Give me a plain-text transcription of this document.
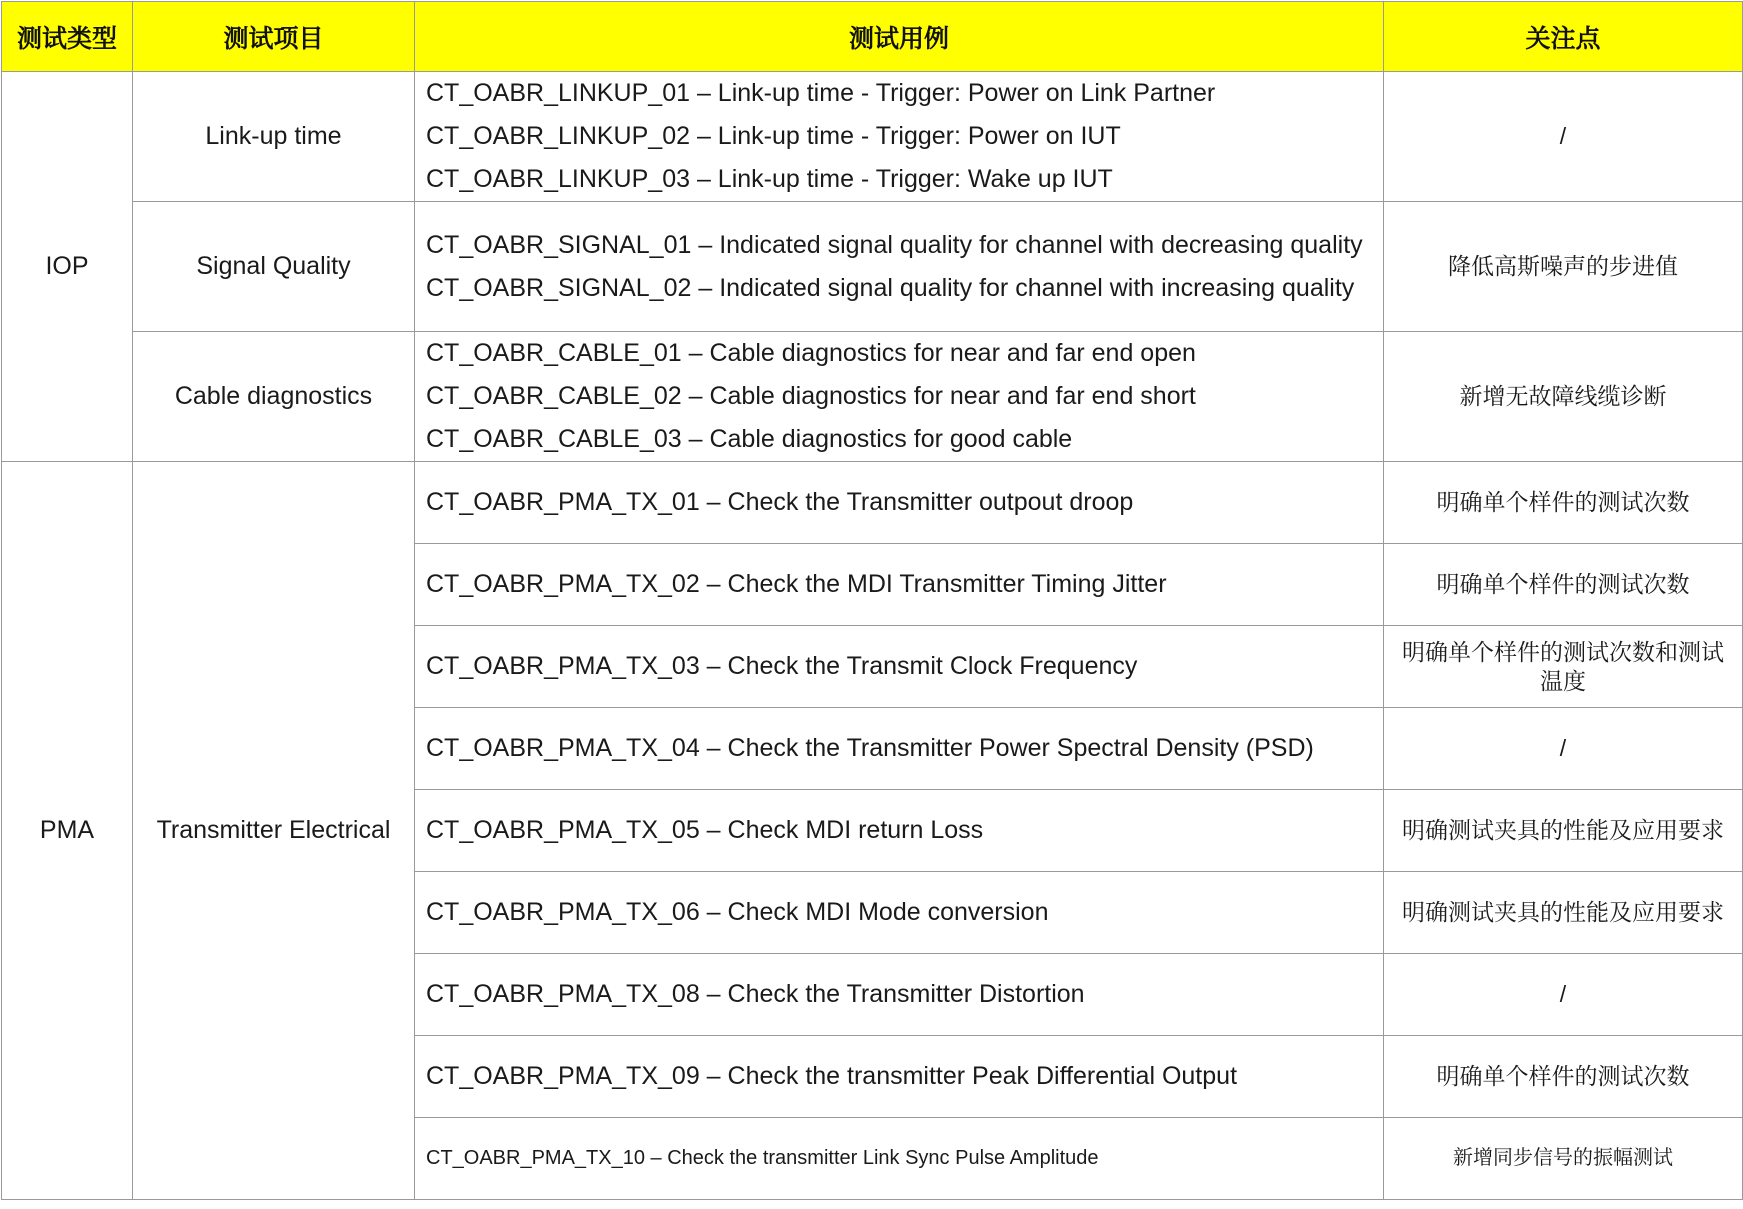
测试类型	测试项目	测试用例	关注点
IOP	Link-up time	CT_OABR_LINKUP_01 – Link-up time - Trigger: Power on Link Partner
CT_OABR_LINKUP_02 – Link-up time - Trigger: Power on IUT
CT_OABR_LINKUP_03 – Link-up time - Trigger: Wake up IUT	/
	Signal Quality	CT_OABR_SIGNAL_01 – Indicated signal quality for channel with decreasing quality
CT_OABR_SIGNAL_02 – Indicated signal quality for channel with increasing quality	降低高斯噪声的步进值
	Cable diagnostics	CT_OABR_CABLE_01 – Cable diagnostics for near and far end open
CT_OABR_CABLE_02 – Cable diagnostics for near and far end short
CT_OABR_CABLE_03 – Cable diagnostics for good cable	新增无故障线缆诊断
PMA	Transmitter Electrical	CT_OABR_PMA_TX_01 – Check the Transmitter outpout droop	明确单个样件的测试次数
		CT_OABR_PMA_TX_02 – Check the MDI Transmitter Timing Jitter	明确单个样件的测试次数
		CT_OABR_PMA_TX_03 – Check the Transmit Clock Frequency	明确单个样件的测试次数和测试温度
		CT_OABR_PMA_TX_04 – Check the Transmitter Power Spectral Density (PSD)	/
		CT_OABR_PMA_TX_05 – Check MDI return Loss	明确测试夹具的性能及应用要求
		CT_OABR_PMA_TX_06 – Check MDI Mode conversion	明确测试夹具的性能及应用要求
		CT_OABR_PMA_TX_08 – Check the Transmitter Distortion	/
		CT_OABR_PMA_TX_09 – Check the transmitter Peak Differential Output	明确单个样件的测试次数
		CT_OABR_PMA_TX_10 – Check the transmitter Link Sync Pulse Amplitude	新增同步信号的振幅测试
